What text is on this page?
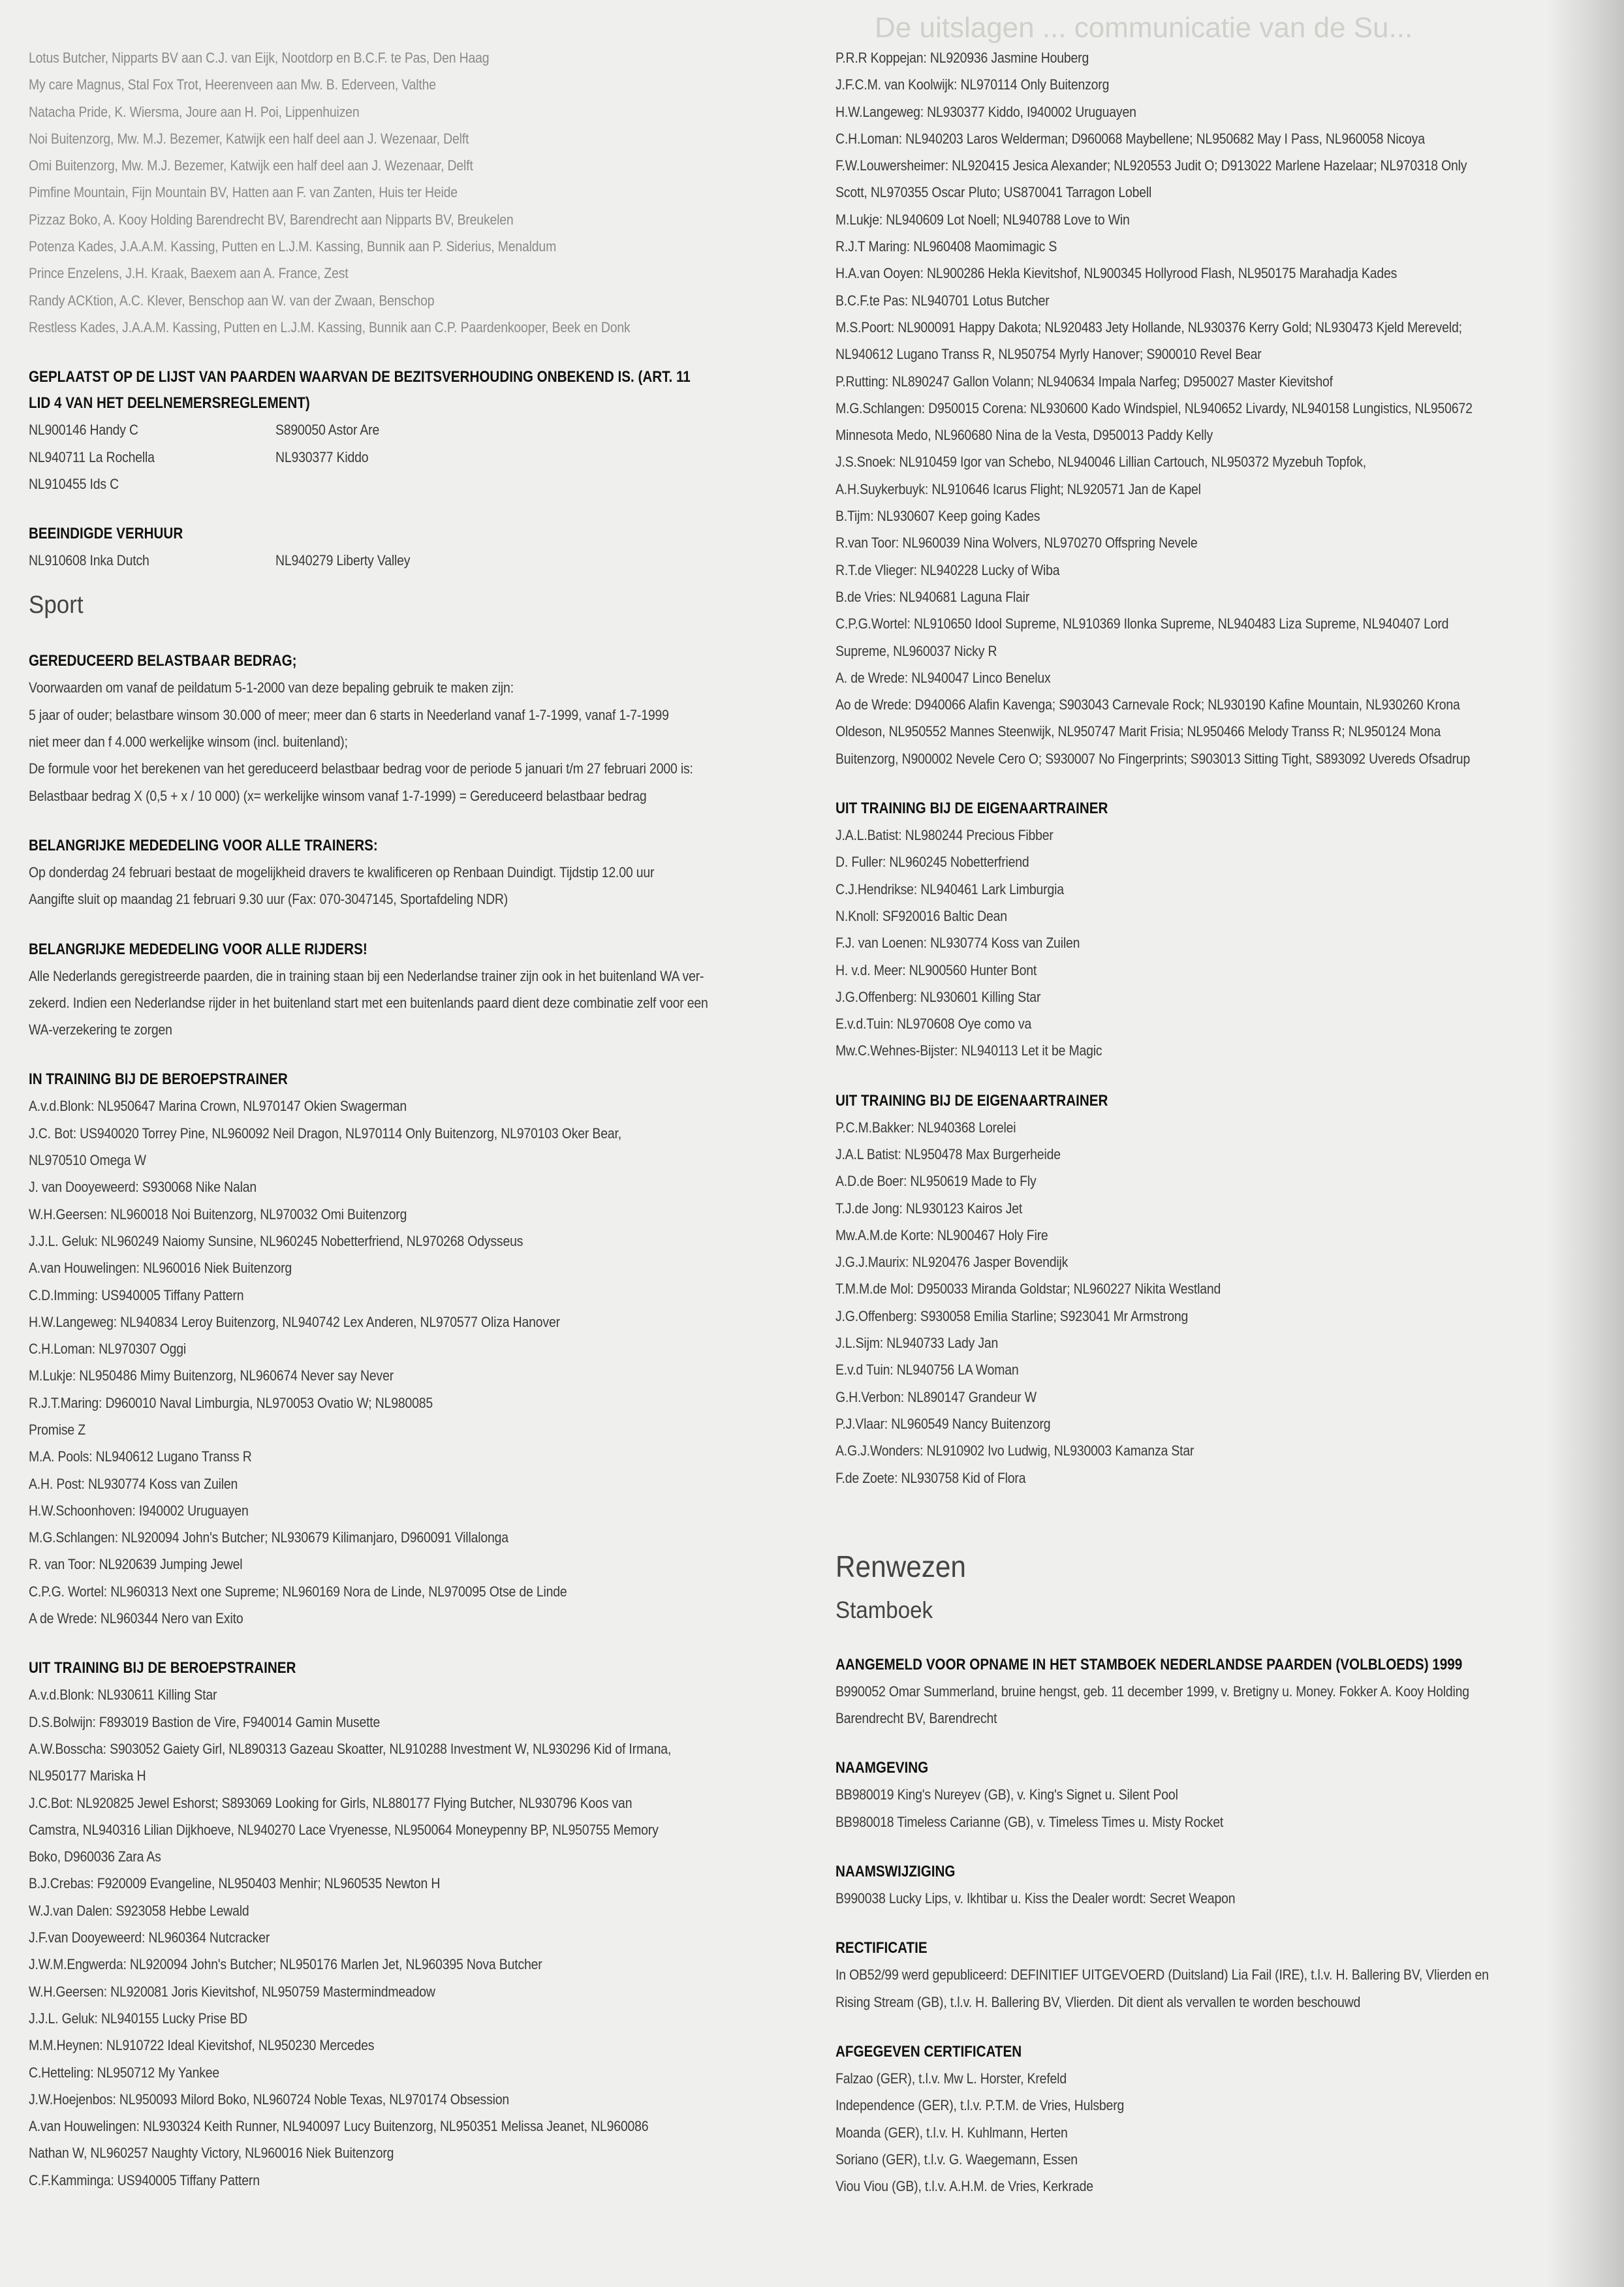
De uitslagen ... communicatie van de Su...
Lotus Butcher, Nipparts BV aan C.J. van Eijk, Nootdorp en B.C.F. te Pas, Den Haag
My care Magnus, Stal Fox Trot, Heerenveen aan Mw. B. Ederveen, Valthe
Natacha Pride, K. Wiersma, Joure aan H. Poi, Lippenhuizen
Noi Buitenzorg, Mw. M.J. Bezemer, Katwijk een half deel aan J. Wezenaar, Delft
Omi Buitenzorg, Mw. M.J. Bezemer, Katwijk een half deel aan J. Wezenaar, Delft
Pimfine Mountain, Fijn Mountain BV, Hatten aan F. van Zanten, Huis ter Heide
Pizzaz Boko, A. Kooy Holding Barendrecht BV, Barendrecht aan Nipparts BV, Breukelen
Potenza Kades, J.A.A.M. Kassing, Putten en L.J.M. Kassing, Bunnik aan P. Siderius, Menaldum
Prince Enzelens, J.H. Kraak, Baexem aan A. France, Zest
Randy ACKtion, A.C. Klever, Benschop aan W. van der Zwaan, Benschop
Restless Kades, J.A.A.M. Kassing, Putten en L.J.M. Kassing, Bunnik aan C.P. Paardenkooper, Beek en Donk
GEPLAATST OP DE LIJST VAN PAARDEN WAARVAN DE BEZITSVERHOUDING ONBEKEND IS. (ART. 11
LID 4 VAN HET DEELNEMERSREGLEMENT)
NL900146 Handy C	S890050 Astor Are
NL940711 La Rochella	NL930377 Kiddo
NL910455 Ids C
BEEINDIGDE VERHUUR
NL910608 Inka Dutch	NL940279 Liberty Valley
Sport
GEREDUCEERD BELASTBAAR BEDRAG;
Voorwaarden om vanaf de peildatum 5-1-2000 van deze bepaling gebruik te maken zijn:
5 jaar of ouder; belastbare winsom 30.000 of meer; meer dan 6 starts in Neederland vanaf 1-7-1999, vanaf 1-7-1999
niet meer dan f 4.000 werkelijke winsom (incl. buitenland);
De formule voor het berekenen van het gereduceerd belastbaar bedrag voor de periode 5 januari t/m 27 februari 2000 is:
Belastbaar bedrag X (0,5 + x / 10 000) (x= werkelijke winsom vanaf 1-7-1999) = Gereduceerd belastbaar bedrag
BELANGRIJKE MEDEDELING VOOR ALLE TRAINERS:
Op donderdag 24 februari bestaat de mogelijkheid dravers te kwalificeren op Renbaan Duindigt. Tijdstip 12.00 uur
Aangifte sluit op maandag 21 februari 9.30 uur (Fax: 070-3047145, Sportafdeling NDR)
BELANGRIJKE MEDEDELING VOOR ALLE RIJDERS!
Alle Nederlands geregistreerde paarden, die in training staan bij een Nederlandse trainer zijn ook in het buitenland WA ver-
zekerd. Indien een Nederlandse rijder in het buitenland start met een buitenlands paard dient deze combinatie zelf voor een
WA-verzekering te zorgen
IN TRAINING BIJ DE BEROEPSTRAINER
A.v.d.Blonk: NL950647 Marina Crown, NL970147 Okien Swagerman
J.C. Bot: US940020 Torrey Pine, NL960092 Neil Dragon, NL970114 Only Buitenzorg, NL970103 Oker Bear,
NL970510 Omega W
J. van Dooyeweerd: S930068 Nike Nalan
W.H.Geersen: NL960018 Noi Buitenzorg, NL970032 Omi Buitenzorg
J.J.L. Geluk: NL960249 Naiomy Sunsine, NL960245 Nobetterfriend, NL970268 Odysseus
A.van Houwelingen: NL960016 Niek Buitenzorg
C.D.Imming: US940005 Tiffany Pattern
H.W.Langeweg: NL940834 Leroy Buitenzorg, NL940742 Lex Anderen, NL970577 Oliza Hanover
C.H.Loman: NL970307 Oggi
M.Lukje: NL950486 Mimy Buitenzorg, NL960674 Never say Never
R.J.T.Maring: D960010 Naval Limburgia, NL970053 Ovatio W; NL980085
Promise Z
M.A. Pools: NL940612 Lugano Transs R
A.H. Post: NL930774 Koss van Zuilen
H.W.Schoonhoven: I940002 Uruguayen
M.G.Schlangen: NL920094 John's Butcher; NL930679 Kilimanjaro, D960091 Villalonga
R. van Toor: NL920639 Jumping Jewel
C.P.G. Wortel: NL960313 Next one Supreme; NL960169 Nora de Linde, NL970095 Otse de Linde
A de Wrede: NL960344 Nero van Exito
UIT TRAINING BIJ DE BEROEPSTRAINER
A.v.d.Blonk: NL930611 Killing Star
D.S.Bolwijn: F893019 Bastion de Vire, F940014 Gamin Musette
A.W.Bosscha: S903052 Gaiety Girl, NL890313 Gazeau Skoatter, NL910288 Investment W, NL930296 Kid of Irmana,
NL950177 Mariska H
J.C.Bot: NL920825 Jewel Eshorst; S893069 Looking for Girls, NL880177 Flying Butcher, NL930796 Koos van
Camstra, NL940316 Lilian Dijkhoeve, NL940270 Lace Vryenesse, NL950064 Moneypenny BP, NL950755 Memory
Boko, D960036 Zara As
B.J.Crebas: F920009 Evangeline, NL950403 Menhir; NL960535 Newton H
W.J.van Dalen: S923058 Hebbe Lewald
J.F.van Dooyeweerd: NL960364 Nutcracker
J.W.M.Engwerda: NL920094 John's Butcher; NL950176 Marlen Jet, NL960395 Nova Butcher
W.H.Geersen: NL920081 Joris Kievitshof, NL950759 Mastermindmeadow
J.J.L. Geluk: NL940155 Lucky Prise BD
M.M.Heynen: NL910722 Ideal Kievitshof, NL950230 Mercedes
C.Hetteling: NL950712 My Yankee
J.W.Hoejenbos: NL950093 Milord Boko, NL960724 Noble Texas, NL970174 Obsession
A.van Houwelingen: NL930324 Keith Runner, NL940097 Lucy Buitenzorg, NL950351 Melissa Jeanet, NL960086
Nathan W, NL960257 Naughty Victory, NL960016 Niek Buitenzorg
C.F.Kamminga: US940005 Tiffany Pattern
P.R.R Koppejan: NL920936 Jasmine Houberg
J.F.C.M. van Koolwijk: NL970114 Only Buitenzorg
H.W.Langeweg: NL930377 Kiddo, I940002 Uruguayen
C.H.Loman: NL940203 Laros Welderman; D960068 Maybellene; NL950682 May I Pass, NL960058 Nicoya
F.W.Louwersheimer: NL920415 Jesica Alexander; NL920553 Judit O; D913022 Marlene Hazelaar; NL970318 Only
Scott, NL970355 Oscar Pluto; US870041 Tarragon Lobell
M.Lukje: NL940609 Lot Noell; NL940788 Love to Win
R.J.T Maring: NL960408 Maomimagic S
H.A.van Ooyen: NL900286 Hekla Kievitshof, NL900345 Hollyrood Flash, NL950175 Marahadja Kades
B.C.F.te Pas: NL940701 Lotus Butcher
M.S.Poort: NL900091 Happy Dakota; NL920483 Jety Hollande, NL930376 Kerry Gold; NL930473 Kjeld Mereveld;
NL940612 Lugano Transs R, NL950754 Myrly Hanover; S900010 Revel Bear
P.Rutting: NL890247 Gallon Volann; NL940634 Impala Narfeg; D950027 Master Kievitshof
M.G.Schlangen: D950015 Corena: NL930600 Kado Windspiel, NL940652 Livardy, NL940158 Lungistics, NL950672
Minnesota Medo, NL960680 Nina de la Vesta, D950013 Paddy Kelly
J.S.Snoek: NL910459 Igor van Schebo, NL940046 Lillian Cartouch, NL950372 Myzebuh Topfok,
A.H.Suykerbuyk: NL910646 Icarus Flight; NL920571 Jan de Kapel
B.Tijm: NL930607 Keep going Kades
R.van Toor: NL960039 Nina Wolvers, NL970270 Offspring Nevele
R.T.de Vlieger: NL940228 Lucky of Wiba
B.de Vries: NL940681 Laguna Flair
C.P.G.Wortel: NL910650 Idool Supreme, NL910369 Ilonka Supreme, NL940483 Liza Supreme, NL940407 Lord
Supreme, NL960037 Nicky R
A. de Wrede: NL940047 Linco Benelux
Ao de Wrede: D940066 Alafin Kavenga; S903043 Carnevale Rock; NL930190 Kafine Mountain, NL930260 Krona
Oldeson, NL950552 Mannes Steenwijk, NL950747 Marit Frisia; NL950466 Melody Transs R; NL950124 Mona
Buitenzorg, N900002 Nevele Cero O; S930007 No Fingerprints; S903013 Sitting Tight, S893092 Uvereds Ofsadrup
UIT TRAINING BIJ DE EIGENAARTRAINER
J.A.L.Batist: NL980244 Precious Fibber
D. Fuller: NL960245 Nobetterfriend
C.J.Hendrikse: NL940461 Lark Limburgia
N.Knoll: SF920016 Baltic Dean
F.J. van Loenen: NL930774 Koss van Zuilen
H. v.d. Meer: NL900560 Hunter Bont
J.G.Offenberg: NL930601 Killing Star
E.v.d.Tuin: NL970608 Oye como va
Mw.C.Wehnes-Bijster: NL940113 Let it be Magic
UIT TRAINING BIJ DE EIGENAARTRAINER
P.C.M.Bakker: NL940368 Lorelei
J.A.L Batist: NL950478 Max Burgerheide
A.D.de Boer: NL950619 Made to Fly
T.J.de Jong: NL930123 Kairos Jet
Mw.A.M.de Korte: NL900467 Holy Fire
J.G.J.Maurix: NL920476 Jasper Bovendijk
T.M.M.de Mol: D950033 Miranda Goldstar; NL960227 Nikita Westland
J.G.Offenberg: S930058 Emilia Starline; S923041 Mr Armstrong
J.L.Sijm: NL940733 Lady Jan
E.v.d Tuin: NL940756 LA Woman
G.H.Verbon: NL890147 Grandeur W
P.J.Vlaar: NL960549 Nancy Buitenzorg
A.G.J.Wonders: NL910902 Ivo Ludwig, NL930003 Kamanza Star
F.de Zoete: NL930758 Kid of Flora
Renwezen
Stamboek
AANGEMELD VOOR OPNAME IN HET STAMBOEK NEDERLANDSE PAARDEN (VOLBLOEDS) 1999
B990052 Omar Summerland, bruine hengst, geb. 11 december 1999, v. Bretigny u. Money. Fokker A. Kooy Holding
Barendrecht BV, Barendrecht
NAAMGEVING
BB980019 King's Nureyev (GB), v. King's Signet u. Silent Pool
BB980018 Timeless Carianne (GB), v. Timeless Times u. Misty Rocket
NAAMSWIJZIGING
B990038 Lucky Lips, v. Ikhtibar u. Kiss the Dealer wordt: Secret Weapon
RECTIFICATIE
In OB52/99 werd gepubliceerd: DEFINITIEF UITGEVOERD (Duitsland) Lia Fail (IRE), t.l.v. H. Ballering BV, Vlierden en
Rising Stream (GB), t.l.v. H. Ballering BV, Vlierden. Dit dient als vervallen te worden beschouwd
AFGEGEVEN CERTIFICATEN
Falzao (GER), t.l.v. Mw L. Horster, Krefeld
Independence (GER), t.l.v. P.T.M. de Vries, Hulsberg
Moanda (GER), t.l.v. H. Kuhlmann, Herten
Soriano (GER), t.l.v. G. Waegemann, Essen
Viou Viou (GB), t.l.v. A.H.M. de Vries, Kerkrade
